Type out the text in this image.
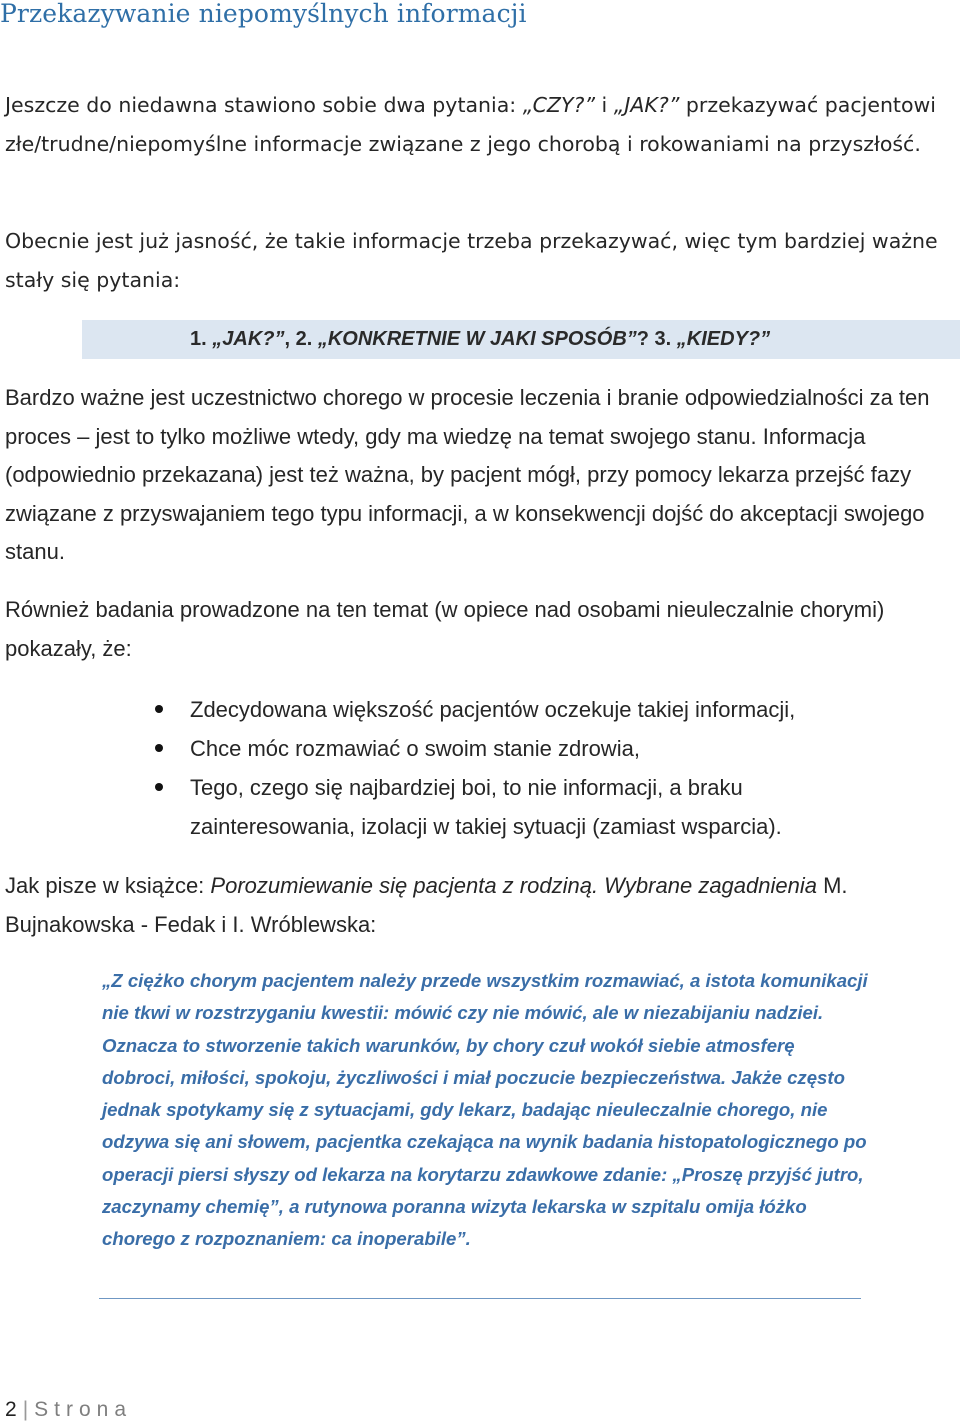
Przekazywanie niepomyślnych informacji
Jeszcze do niedawna stawiono sobie dwa pytania: „CZY?” i „JAK?” przekazywać pacjentowi złe/trudne/niepomyślne informacje związane z jego chorobą i rokowaniami na przyszłość.
Obecnie jest już jasność, że takie informacje trzeba przekazywać, więc tym bardziej ważne stały się pytania:
1. „JAK?”, 2. „KONKRETNIE W JAKI SPOSÓB”? 3. „KIEDY?”
Bardzo ważne jest uczestnictwo chorego w procesie leczenia i branie odpowiedzialności za ten proces – jest to tylko możliwe wtedy, gdy ma wiedzę na temat swojego stanu. Informacja (odpowiednio przekazana) jest też ważna, by pacjent mógł, przy pomocy lekarza przejść fazy związane z przyswajaniem tego typu informacji, a w konsekwencji dojść do akceptacji swojego stanu.
Również badania prowadzone na ten temat (w opiece nad osobami nieuleczalnie chorymi) pokazały, że:
Zdecydowana większość pacjentów oczekuje takiej informacji,
Chce móc rozmawiać o swoim stanie zdrowia,
Tego, czego się najbardziej boi, to nie informacji, a braku zainteresowania, izolacji w takiej sytuacji (zamiast wsparcia).
Jak pisze w książce: Porozumiewanie się pacjenta z rodziną. Wybrane zagadnienia M. Bujnakowska - Fedak i I. Wróblewska:
„Z ciężko chorym pacjentem należy przede wszystkim rozmawiać, a istota komunikacji nie tkwi w rozstrzyganiu kwestii: mówić czy nie mówić, ale w niezabijaniu nadziei. Oznacza to stworzenie takich warunków, by chory czuł wokół siebie atmosferę dobroci, miłości, spokoju, życzliwości i miał poczucie bezpieczeństwa. Jakże często jednak spotykamy się z sytuacjami, gdy lekarz, badając nieuleczalnie chorego, nie odzywa się ani słowem, pacjentka czekająca na wynik badania histopatologicznego po operacji piersi słyszy od lekarza na korytarzu zdawkowe zdanie: „Proszę przyjść jutro, zaczynamy chemię”, a rutynowa poranna wizyta lekarska w szpitalu omija łóżko chorego z rozpoznaniem: ca inoperabile”.
2 | Strona
